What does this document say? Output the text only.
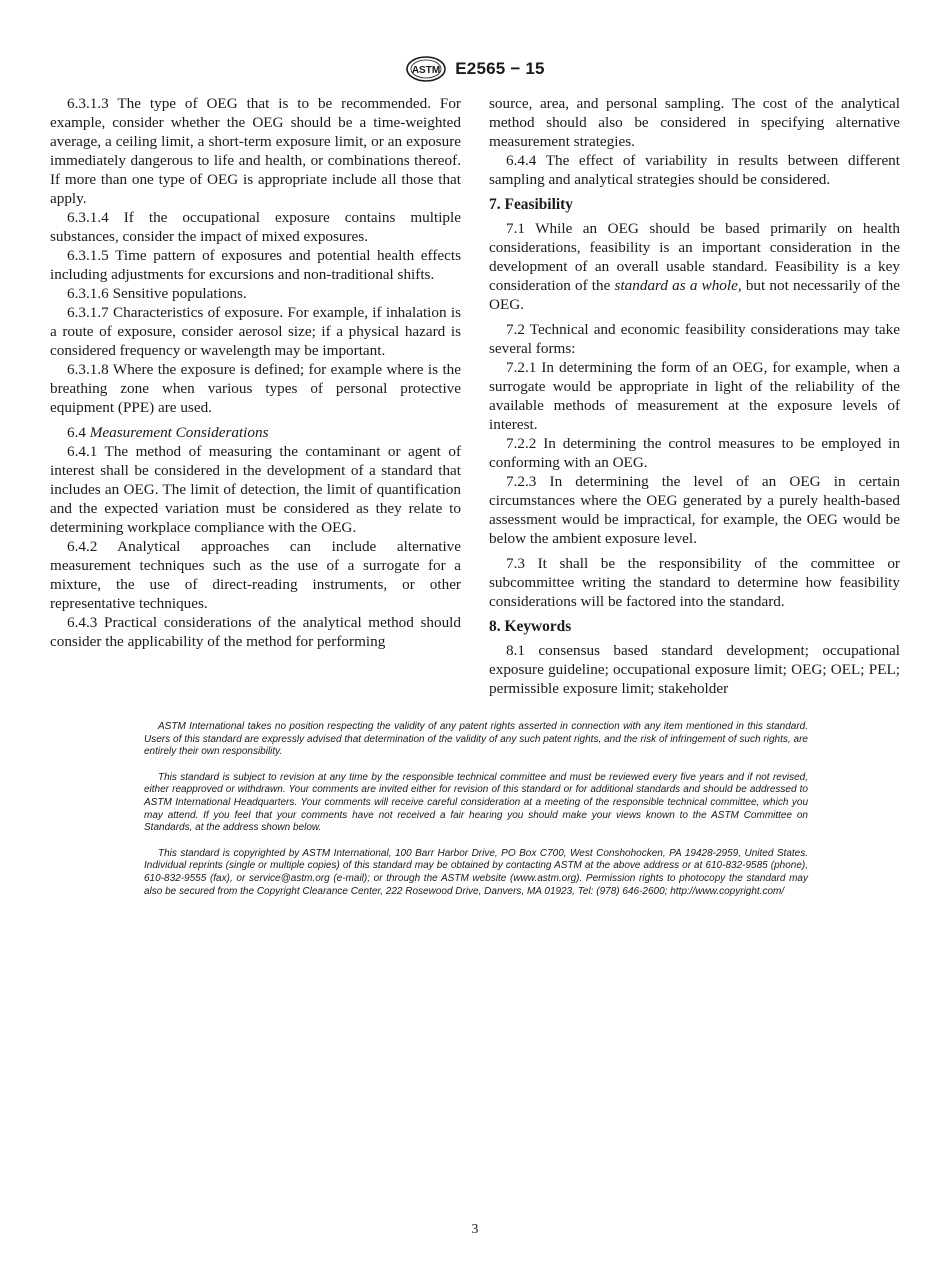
ASTM E2565 − 15

6.3.1.3 The type of OEG that is to be recommended. For example, consider whether the OEG should be a time-weighted average, a ceiling limit, a short-term exposure limit, or an exposure immediately dangerous to life and health, or combinations thereof. If more than one type of OEG is appropriate include all those that apply.

6.3.1.4 If the occupational exposure contains multiple substances, consider the impact of mixed exposures.

6.3.1.5 Time pattern of exposures and potential health effects including adjustments for excursions and non-traditional shifts.

6.3.1.6 Sensitive populations.

6.3.1.7 Characteristics of exposure. For example, if inhalation is a route of exposure, consider aerosol size; if a physical hazard is considered frequency or wavelength may be important.

6.3.1.8 Where the exposure is defined; for example where is the breathing zone when various types of personal protective equipment (PPE) are used.

6.4 Measurement Considerations

6.4.1 The method of measuring the contaminant or agent of interest shall be considered in the development of a standard that includes an OEG. The limit of detection, the limit of quantification and the expected variation must be considered as they relate to determining workplace compliance with the OEG.

6.4.2 Analytical approaches can include alternative measurement techniques such as the use of a surrogate for a mixture, the use of direct-reading instruments, or other representative techniques.

6.4.3 Practical considerations of the analytical method should consider the applicability of the method for performing

source, area, and personal sampling. The cost of the analytical method should also be considered in specifying alternative measurement strategies.

6.4.4 The effect of variability in results between different sampling and analytical strategies should be considered.

7. Feasibility

7.1 While an OEG should be based primarily on health considerations, feasibility is an important consideration in the development of an overall usable standard. Feasibility is a key consideration of the standard as a whole, but not necessarily of the OEG.

7.2 Technical and economic feasibility considerations may take several forms:

7.2.1 In determining the form of an OEG, for example, when a surrogate would be appropriate in light of the reliability of the available methods of measurement at the exposure levels of interest.

7.2.2 In determining the control measures to be employed in conforming with an OEG.

7.2.3 In determining the level of an OEG in certain circumstances where the OEG generated by a purely health-based assessment would be impractical, for example, the OEG would be below the ambient exposure level.

7.3 It shall be the responsibility of the committee or subcommittee writing the standard to determine how feasibility considerations will be factored into the standard.

8. Keywords

8.1 consensus based standard development; occupational exposure guideline; occupational exposure limit; OEG; OEL; PEL; permissible exposure limit; stakeholder

ASTM International takes no position respecting the validity of any patent rights asserted in connection with any item mentioned in this standard. Users of this standard are expressly advised that determination of the validity of any such patent rights, and the risk of infringement of such rights, are entirely their own responsibility.

This standard is subject to revision at any time by the responsible technical committee and must be reviewed every five years and if not revised, either reapproved or withdrawn. Your comments are invited either for revision of this standard or for additional standards and should be addressed to ASTM International Headquarters. Your comments will receive careful consideration at a meeting of the responsible technical committee, which you may attend. If you feel that your comments have not received a fair hearing you should make your views known to the ASTM Committee on Standards, at the address shown below.

This standard is copyrighted by ASTM International, 100 Barr Harbor Drive, PO Box C700, West Conshohocken, PA 19428-2959, United States. Individual reprints (single or multiple copies) of this standard may be obtained by contacting ASTM at the above address or at 610-832-9585 (phone), 610-832-9555 (fax), or service@astm.org (e-mail); or through the ASTM website (www.astm.org). Permission rights to photocopy the standard may also be secured from the Copyright Clearance Center, 222 Rosewood Drive, Danvers, MA 01923, Tel: (978) 646-2600; http://www.copyright.com/

3
